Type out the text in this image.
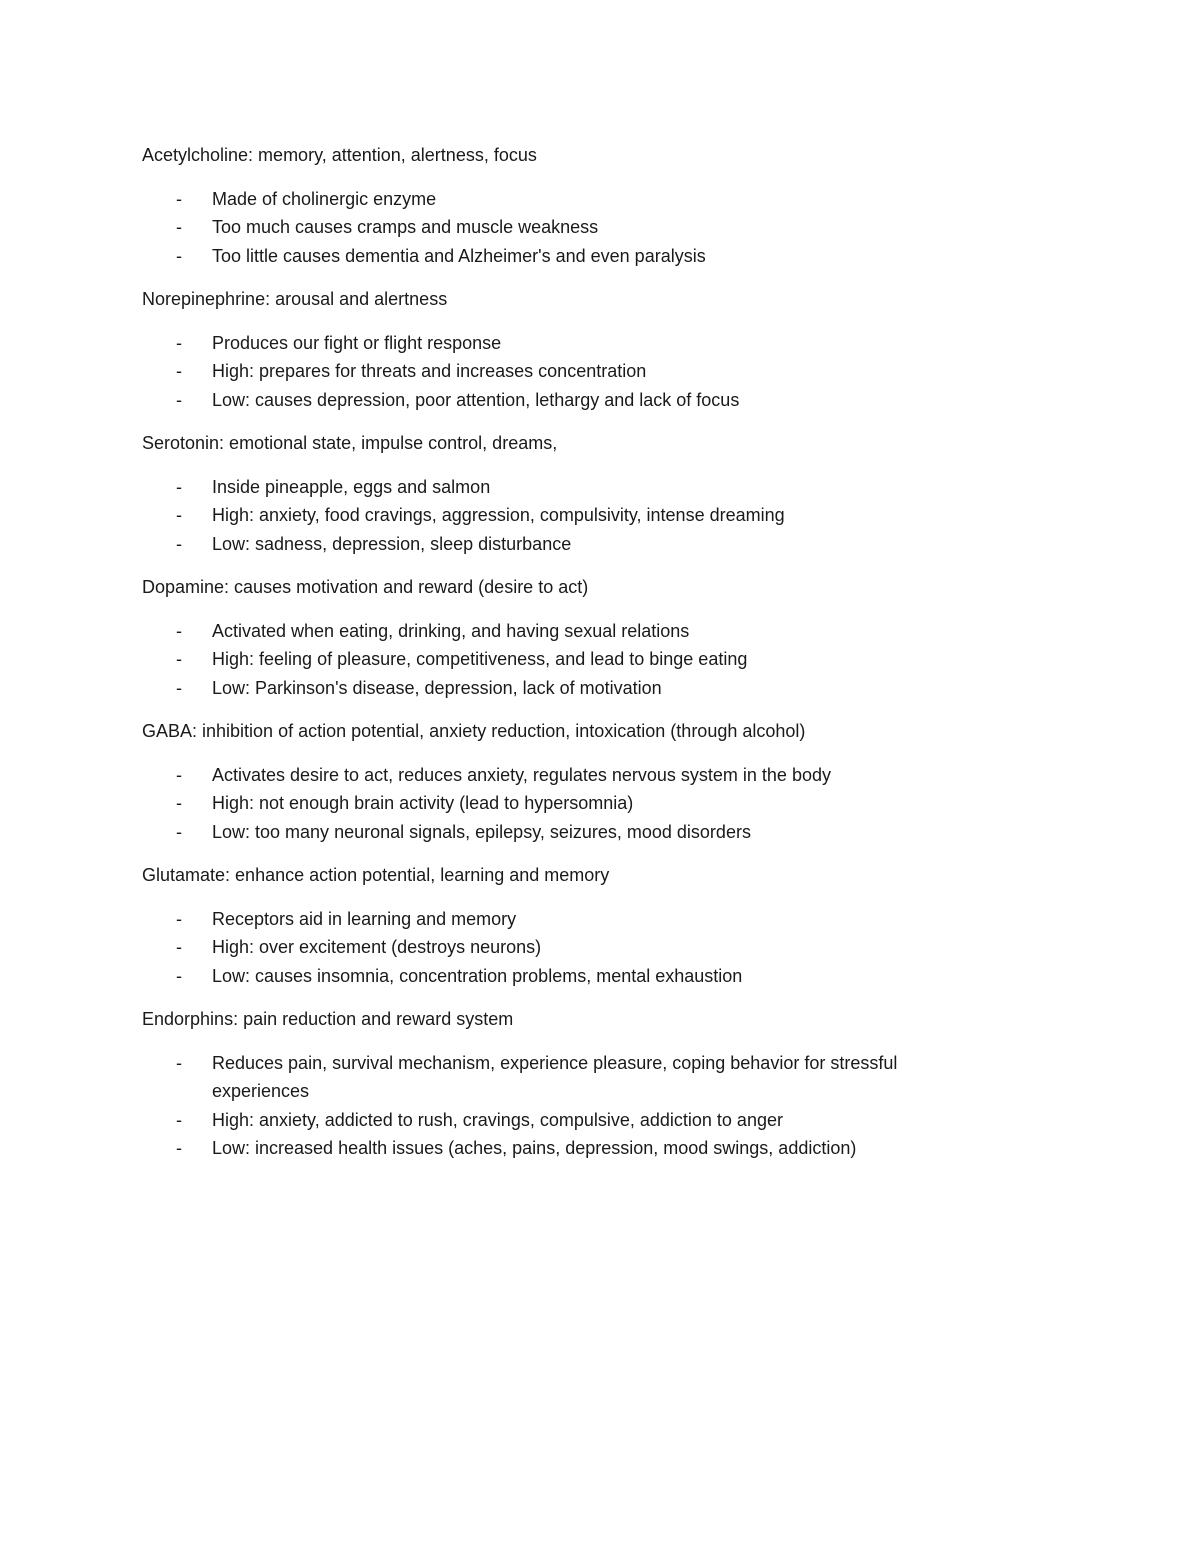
Acetylcholine: memory, attention, alertness, focus
- Made of cholinergic enzyme
- Too much causes cramps and muscle weakness
- Too little causes dementia and Alzheimer's and even paralysis
Norepinephrine: arousal and alertness
- Produces our fight or flight response
- High: prepares for threats and increases concentration
- Low: causes depression, poor attention, lethargy and lack of focus
Serotonin: emotional state, impulse control, dreams,
- Inside pineapple, eggs and salmon
- High: anxiety, food cravings, aggression, compulsivity, intense dreaming
- Low: sadness, depression, sleep disturbance
Dopamine: causes motivation and reward (desire to act)
- Activated when eating, drinking, and having sexual relations
- High: feeling of pleasure, competitiveness, and lead to binge eating
- Low: Parkinson's disease, depression, lack of motivation
GABA: inhibition of action potential, anxiety reduction, intoxication (through alcohol)
- Activates desire to act, reduces anxiety, regulates nervous system in the body
- High: not enough brain activity (lead to hypersomnia)
- Low: too many neuronal signals, epilepsy, seizures, mood disorders
Glutamate: enhance action potential, learning and memory
- Receptors aid in learning and memory
- High: over excitement (destroys neurons)
- Low: causes insomnia, concentration problems, mental exhaustion
Endorphins: pain reduction and reward system
- Reduces pain, survival mechanism, experience pleasure, coping behavior for stressful experiences
- High: anxiety, addicted to rush, cravings, compulsive, addiction to anger
- Low: increased health issues (aches, pains, depression, mood swings, addiction)
